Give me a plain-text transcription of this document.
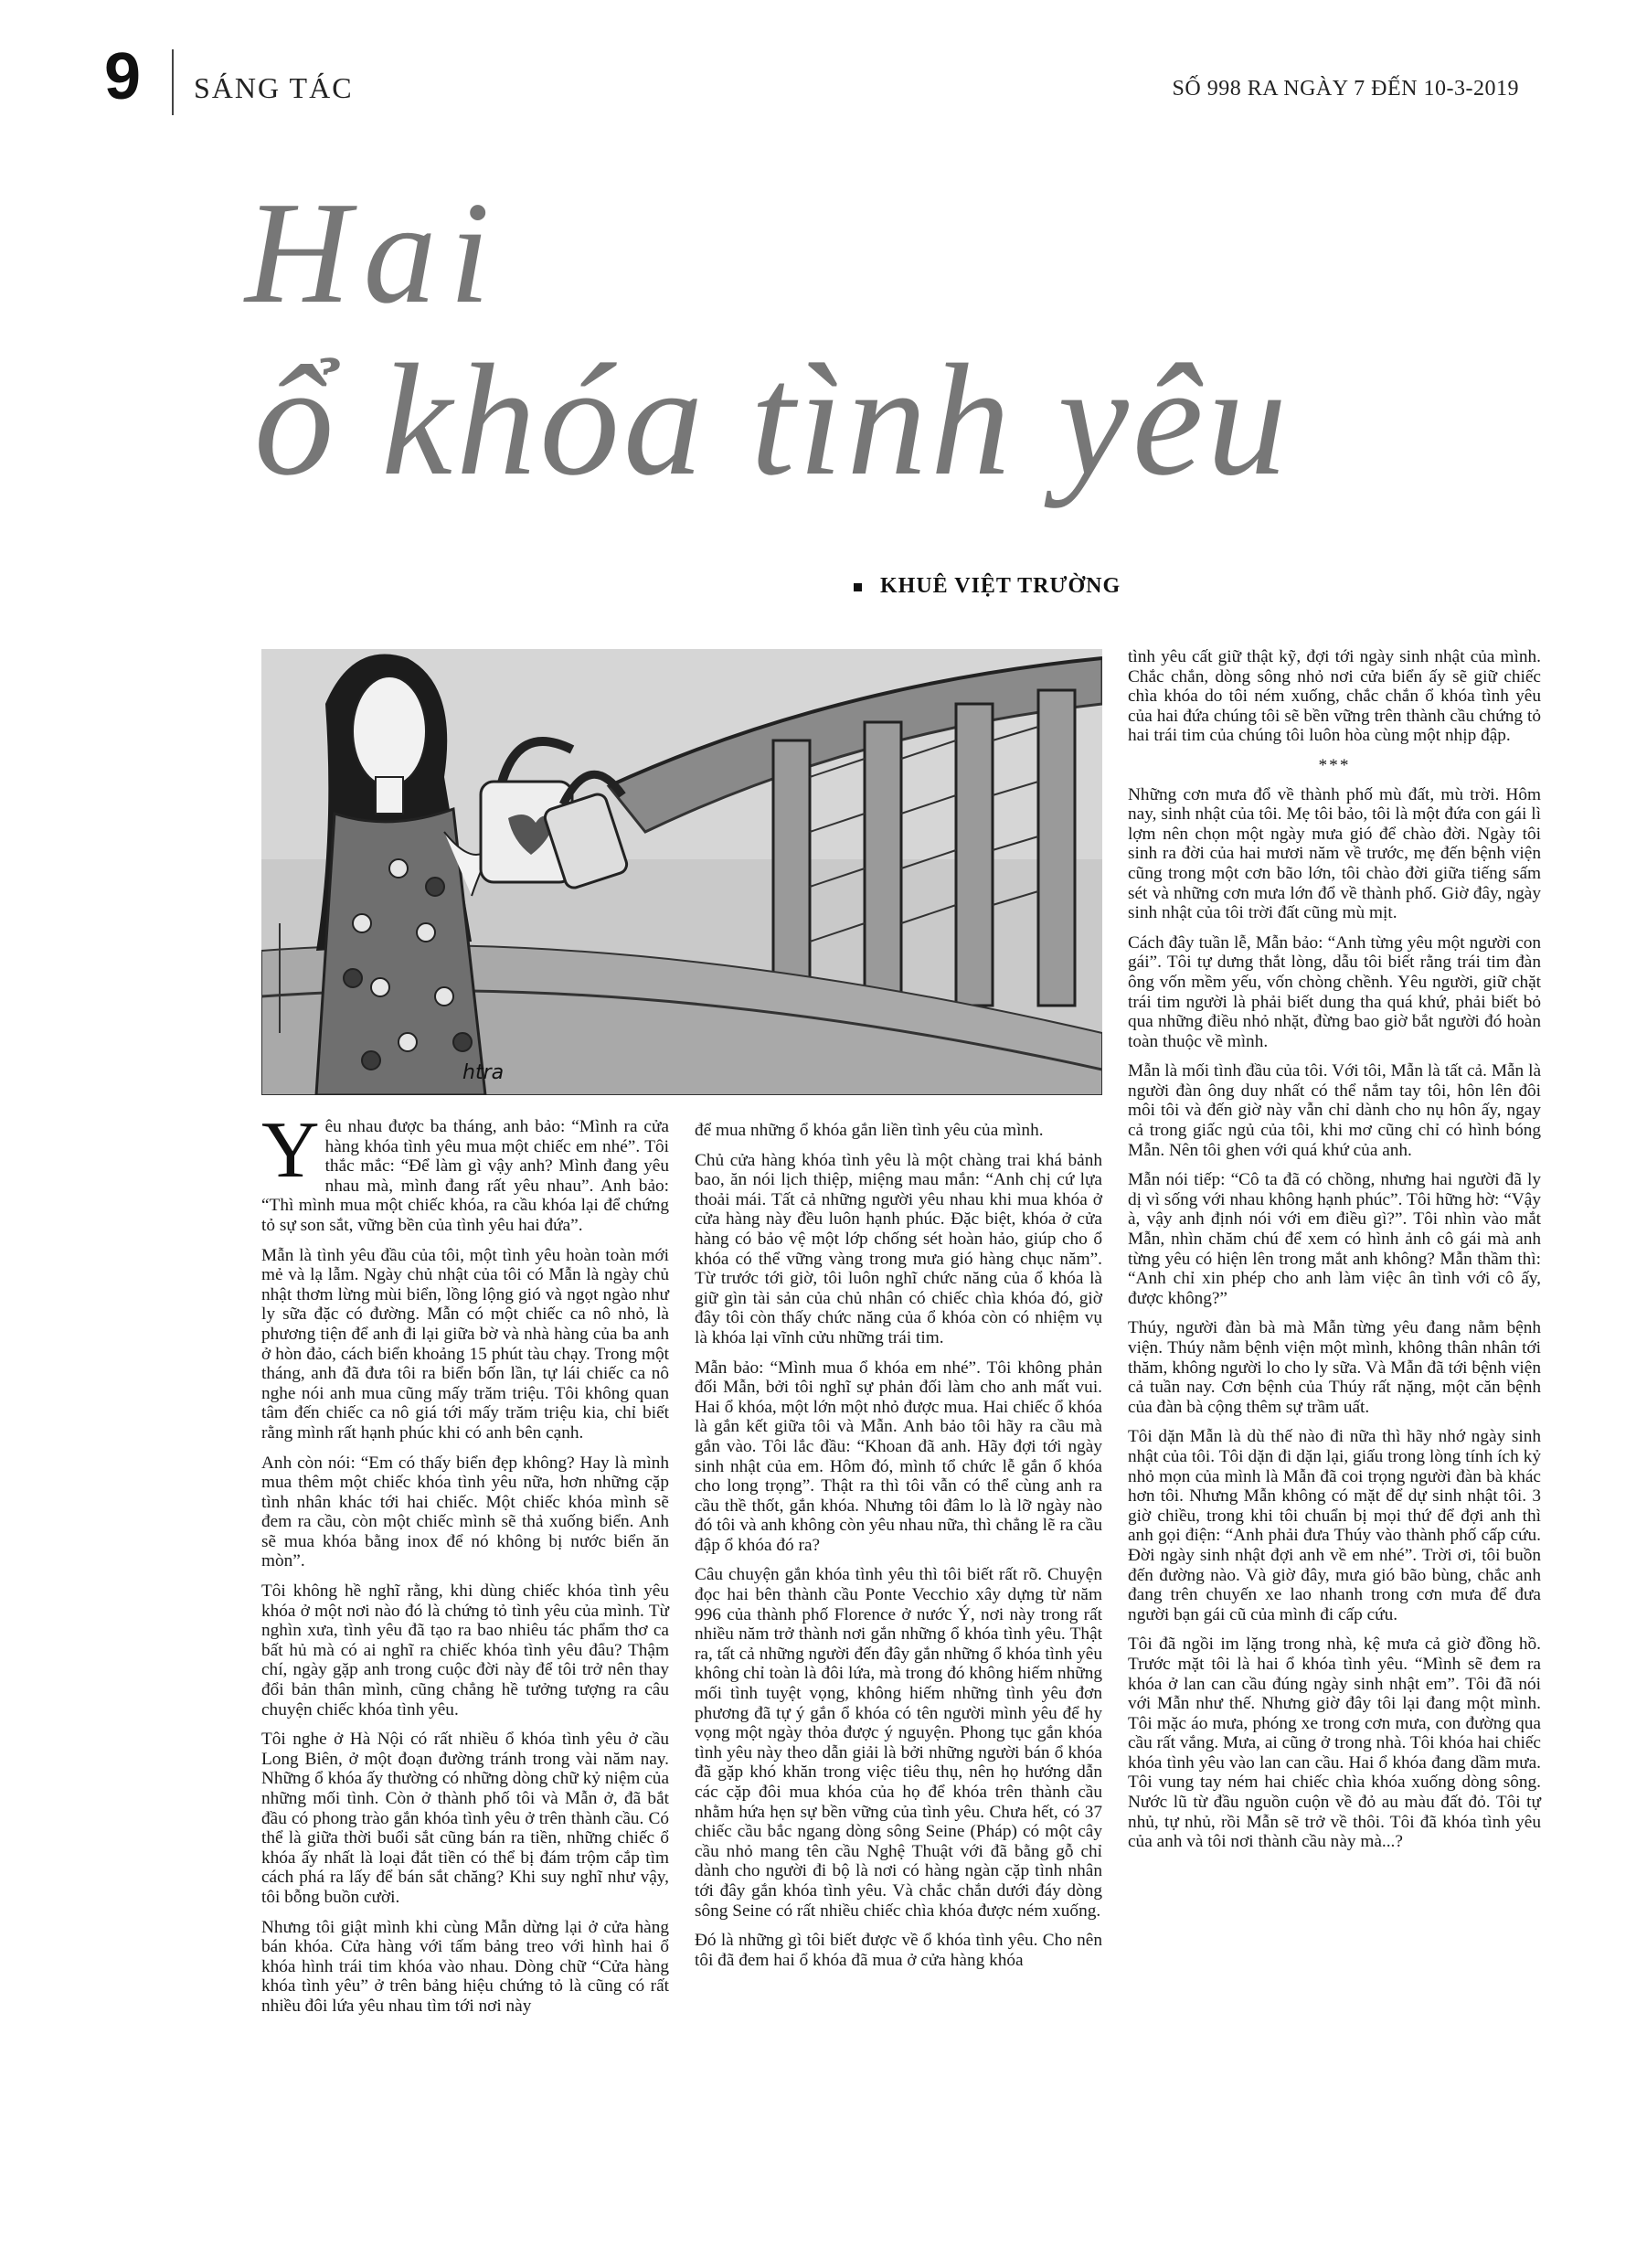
9 SÁNG TÁC	SỐ 998 RA NGÀY 7 ĐẾN 10-3-2019
Hai
ổ khóa tình yêu
KHUÊ VIỆT TRƯỜNG
htra

Yêu nhau được ba tháng, anh bảo: “Mình ra cửa hàng khóa tình yêu mua một chiếc em nhé”. Tôi thắc mắc: “Để làm gì vậy anh? Mình đang yêu nhau mà, mình đang rất yêu nhau”. Anh bảo: “Thì mình mua một chiếc khóa, ra cầu khóa lại để chứng tỏ sự son sắt, vững bền của tình yêu hai đứa”.

Mẫn là tình yêu đầu của tôi, một tình yêu hoàn toàn mới mẻ và lạ lẫm. Ngày chủ nhật của tôi có Mẫn là ngày chủ nhật thơm lừng mùi biển, lồng lộng gió và ngọt ngào như ly sữa đặc có đường. Mẫn có một chiếc ca nô nhỏ, là phương tiện để anh đi lại giữa bờ và nhà hàng của ba anh ở hòn đảo, cách biển khoảng 15 phút tàu chạy. Trong một tháng, anh đã đưa tôi ra biển bốn lần, tự lái chiếc ca nô nghe nói anh mua cũng mấy trăm triệu. Tôi không quan tâm đến chiếc ca nô giá tới mấy trăm triệu kia, chỉ biết rằng mình rất hạnh phúc khi có anh bên cạnh.

Anh còn nói: “Em có thấy biển đẹp không? Hay là mình mua thêm một chiếc khóa tình yêu nữa, hơn những cặp tình nhân khác tới hai chiếc. Một chiếc khóa mình sẽ đem ra cầu, còn một chiếc mình sẽ thả xuống biển. Anh sẽ mua khóa bằng inox để nó không bị nước biển ăn mòn”.

Tôi không hề nghĩ rằng, khi dùng chiếc khóa tình yêu khóa ở một nơi nào đó là chứng tỏ tình yêu của mình. Từ nghìn xưa, tình yêu đã tạo ra bao nhiêu tác phẩm thơ ca bất hủ mà có ai nghĩ ra chiếc khóa tình yêu đâu? Thậm chí, ngày gặp anh trong cuộc đời này để tôi trở nên thay đổi bản thân mình, cũng chẳng hề tưởng tượng ra câu chuyện chiếc khóa tình yêu.

Tôi nghe ở Hà Nội có rất nhiều ổ khóa tình yêu ở cầu Long Biên, ở một đoạn đường tránh trong vài năm nay. Những ổ khóa ấy thường có những dòng chữ kỷ niệm của những mối tình. Còn ở thành phố tôi và Mẫn ở, đã bắt đầu có phong trào gắn khóa tình yêu ở trên thành cầu. Có thể là giữa thời buổi sắt cũng bán ra tiền, những chiếc ổ khóa ấy nhất là loại đắt tiền có thể bị đám trộm cắp tìm cách phá ra lấy để bán sắt chăng? Khi suy nghĩ như vậy, tôi bỗng buồn cười.

Nhưng tôi giật mình khi cùng Mẫn dừng lại ở cửa hàng bán khóa. Cửa hàng với tấm bảng treo với hình hai ổ khóa hình trái tim khóa vào nhau. Dòng chữ “Cửa hàng khóa tình yêu” ở trên bảng hiệu chứng tỏ là cũng có rất nhiều đôi lứa yêu nhau tìm tới nơi này

để mua những ổ khóa gắn liền tình yêu của mình.

Chủ cửa hàng khóa tình yêu là một chàng trai khá bảnh bao, ăn nói lịch thiệp, miệng mau mắn: “Anh chị cứ lựa thoải mái. Tất cả những người yêu nhau khi mua khóa ở cửa hàng này đều luôn hạnh phúc. Đặc biệt, khóa ở cửa hàng có bảo vệ một lớp chống sét hoàn hảo, giúp cho ổ khóa có thể vững vàng trong mưa gió hàng chục năm”. Từ trước tới giờ, tôi luôn nghĩ chức năng của ổ khóa là giữ gìn tài sản của chủ nhân có chiếc chìa khóa đó, giờ đây tôi còn thấy chức năng của ổ khóa còn có nhiệm vụ là khóa lại vĩnh cửu những trái tim.

Mẫn bảo: “Mình mua ổ khóa em nhé”. Tôi không phản đối Mẫn, bởi tôi nghĩ sự phản đối làm cho anh mất vui. Hai ổ khóa, một lớn một nhỏ được mua. Hai chiếc ổ khóa là gắn kết giữa tôi và Mẫn. Anh bảo tôi hãy ra cầu mà gắn vào. Tôi lắc đầu: “Khoan đã anh. Hãy đợi tới ngày sinh nhật của em. Hôm đó, mình tổ chức lễ gắn ổ khóa cho long trọng”. Thật ra thì tôi vẫn có thể cùng anh ra cầu thề thốt, gắn khóa. Nhưng tôi đâm lo là lỡ ngày nào đó tôi và anh không còn yêu nhau nữa, thì chẳng lẽ ra cầu đập ổ khóa đó ra?

Câu chuyện gắn khóa tình yêu thì tôi biết rất rõ. Chuyện đọc hai bên thành cầu Ponte Vecchio xây dựng từ năm 996 của thành phố Florence ở nước Ý, nơi này trong rất nhiều năm trở thành nơi gắn những ổ khóa tình yêu. Thật ra, tất cả những người đến đây gắn những ổ khóa tình yêu không chỉ toàn là đôi lứa, mà trong đó không hiếm những mối tình tuyệt vọng, không hiếm những tình yêu đơn phương đã tự ý gắn ổ khóa có tên người mình yêu để hy vọng một ngày thỏa được ý nguyện. Phong tục gắn khóa tình yêu này theo dẫn giải là bởi những người bán ổ khóa đã gặp khó khăn trong việc tiêu thụ, nên họ hướng dẫn các cặp đôi mua khóa của họ để khóa trên thành cầu nhằm hứa hẹn sự bền vững của tình yêu. Chưa hết, có 37 chiếc cầu bắc ngang dòng sông Seine (Pháp) có một cây cầu nhỏ mang tên cầu Nghệ Thuật với đã bằng gỗ chỉ dành cho người đi bộ là nơi có hàng ngàn cặp tình nhân tới đây gắn khóa tình yêu. Và chắc chắn dưới đáy dòng sông Seine có rất nhiều chiếc chìa khóa được ném xuống.

Đó là những gì tôi biết được về ổ khóa tình yêu. Cho nên tôi đã đem hai ổ khóa đã mua ở cửa hàng khóa

tình yêu cất giữ thật kỹ, đợi tới ngày sinh nhật của mình. Chắc chắn, dòng sông nhỏ nơi cửa biển ấy sẽ giữ chiếc chìa khóa do tôi ném xuống, chắc chắn ổ khóa tình yêu của hai đứa chúng tôi sẽ bền vững trên thành cầu chứng tỏ hai trái tim của chúng tôi luôn hòa cùng một nhịp đập.

***

Những cơn mưa đổ về thành phố mù đất, mù trời. Hôm nay, sinh nhật của tôi. Mẹ tôi bảo, tôi là một đứa con gái lì lợm nên chọn một ngày mưa gió để chào đời. Ngày tôi sinh ra đời của hai mươi năm về trước, mẹ đến bệnh viện cũng trong một cơn bão lớn, tôi chào đời giữa tiếng sấm sét và những cơn mưa lớn đổ về thành phố. Giờ đây, ngày sinh nhật của tôi trời đất cũng mù mịt.

Cách đây tuần lễ, Mẫn bảo: “Anh từng yêu một người con gái”. Tôi tự dưng thắt lòng, dẫu tôi biết rằng trái tim đàn ông vốn mềm yếu, vốn chòng chềnh. Yêu người, giữ chặt trái tim người là phải biết dung tha quá khứ, phải biết bỏ qua những điều nhỏ nhặt, đừng bao giờ bắt người đó hoàn toàn thuộc về mình.

Mẫn là mối tình đầu của tôi. Với tôi, Mẫn là tất cả. Mẫn là người đàn ông duy nhất có thể nắm tay tôi, hôn lên đôi môi tôi và đến giờ này vẫn chỉ dành cho nụ hôn ấy, ngay cả trong giấc ngủ của tôi, khi mơ cũng chỉ có hình bóng Mẫn. Nên tôi ghen với quá khứ của anh.

Mẫn nói tiếp: “Cô ta đã có chồng, nhưng hai người đã ly dị vì sống với nhau không hạnh phúc”. Tôi hững hờ: “Vậy à, vậy anh định nói với em điều gì?”. Tôi nhìn vào mắt Mẫn, nhìn chăm chú để xem có hình ảnh cô gái mà anh từng yêu có hiện lên trong mắt anh không? Mẫn thầm thì: “Anh chỉ xin phép cho anh làm việc ân tình với cô ấy, được không?”

Thúy, người đàn bà mà Mẫn từng yêu đang nằm bệnh viện. Thúy nằm bệnh viện một mình, không thân nhân tới thăm, không người lo cho ly sữa. Và Mẫn đã tới bệnh viện cả tuần nay. Cơn bệnh của Thúy rất nặng, một căn bệnh của đàn bà cộng thêm sự trầm uất.

Tôi dặn Mẫn là dù thế nào đi nữa thì hãy nhớ ngày sinh nhật của tôi. Tôi dặn đi dặn lại, giấu trong lòng tính ích kỷ nhỏ mọn của mình là Mẫn đã coi trọng người đàn bà khác hơn tôi. Nhưng Mẫn không có mặt để dự sinh nhật tôi. 3 giờ chiều, trong khi tôi chuẩn bị mọi thứ để đợi anh thì anh gọi điện: “Anh phải đưa Thúy vào thành phố cấp cứu. Đời ngày sinh nhật đợi anh về em nhé”. Trời ơi, tôi buồn đến đường nào. Và giờ đây, mưa gió bão bùng, chắc anh đang trên chuyến xe lao nhanh trong cơn mưa để đưa người bạn gái cũ của mình đi cấp cứu.

Tôi đã ngồi im lặng trong nhà, kệ mưa cả giờ đồng hồ. Trước mặt tôi là hai ổ khóa tình yêu. “Mình sẽ đem ra khóa ở lan can cầu đúng ngày sinh nhật em”. Tôi đã nói với Mẫn như thế. Nhưng giờ đây tôi lại đang một mình. Tôi mặc áo mưa, phóng xe trong cơn mưa, con đường qua cầu rất vắng. Mưa, ai cũng ở trong nhà. Tôi khóa hai chiếc khóa tình yêu vào lan can cầu. Hai ổ khóa đang dầm mưa. Tôi vung tay ném hai chiếc chìa khóa xuống dòng sông. Nước lũ từ đầu nguồn cuộn về đỏ au màu đất đỏ. Tôi tự nhủ, tự nhủ, rồi Mẫn sẽ trở về thôi. Tôi đã khóa tình yêu của anh và tôi nơi thành cầu này mà...?
